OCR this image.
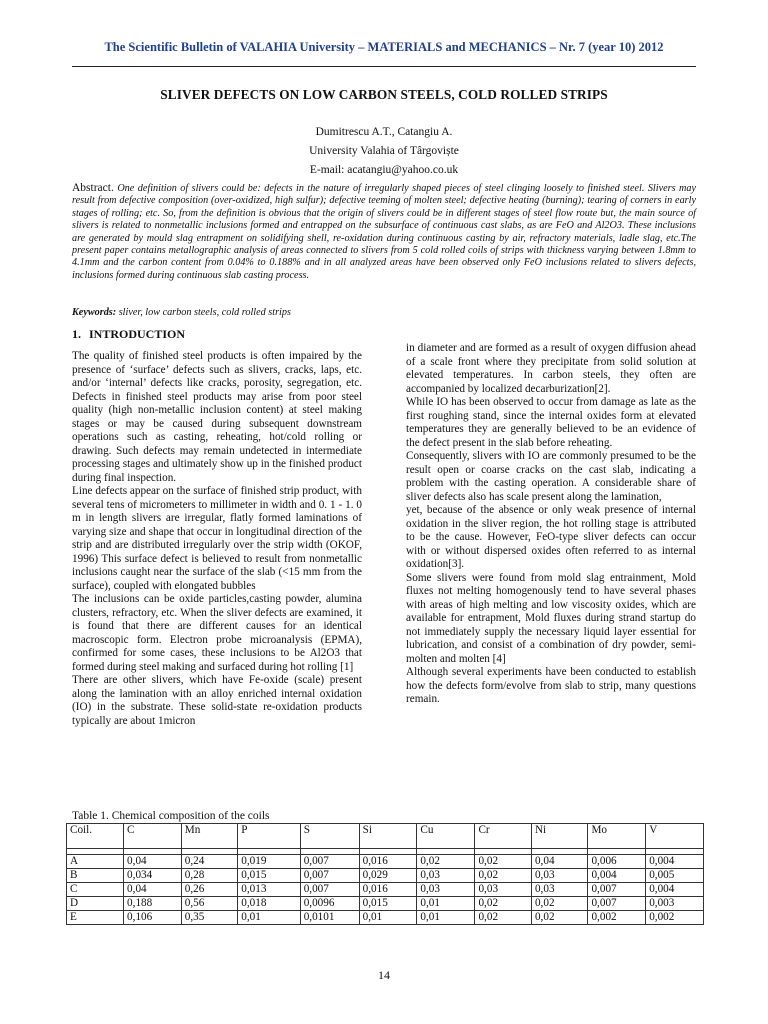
The Scientific Bulletin of VALAHIA University – MATERIALS and MECHANICS – Nr. 7 (year 10) 2012
SLIVER DEFECTS ON LOW CARBON STEELS, COLD ROLLED STRIPS
Dumitrescu A.T., Catangiu A.
University Valahia of Târgoviște
E-mail: acatangiu@yahoo.co.uk
Abstract. One definition of slivers could be: defects in the nature of irregularly shaped pieces of steel clinging loosely to finished steel. Slivers may result from defective composition (over-oxidized, high sulfur); defective teeming of molten steel; defective heating (burning); tearing of corners in early stages of rolling; etc. So, from the definition is obvious that the origin of slivers could be in different stages of steel flow route but, the main source of slivers is related to nonmetallic inclusions formed and entrapped on the subsurface of continuous cast slabs, as are FeO and Al2O3. These inclusions are generated by mould slag entrapment on solidifying shell, re-oxidation during continuous casting by air, refractory materials, ladle slag, etc.The present paper contains metallographic analysis of areas connected to slivers from 5 cold rolled coils of strips with thickness varying between 1.8mm to 4.1mm and the carbon content from 0.04% to 0.188% and in all analyzed areas have been observed only FeO inclusions related to slivers defects, inclusions formed during continuous slab casting process.
Keywords: sliver, low carbon steels, cold rolled strips
1. INTRODUCTION

The quality of finished steel products is often impaired by the presence of ‘surface’ defects such as slivers, cracks, laps, etc. and/or ‘internal’ defects like cracks, porosity, segregation, etc. Defects in finished steel products may arise from poor steel quality (high non-metallic inclusion content) at steel making stages or may be caused during subsequent downstream operations such as casting, reheating, hot/cold rolling or drawing. Such defects may remain undetected in intermediate processing stages and ultimately show up in the finished product during final inspection.

Line defects appear on the surface of finished strip product, with several tens of micrometers to millimeter in width and 0. 1 - 1. 0 m in length slivers are irregular, flatly formed laminations of varying size and shape that occur in longitudinal direction of the strip and are distributed irregularly over the strip width (OKOF, 1996) This surface defect is believed to result from nonmetallic inclusions caught near the surface of the slab (<15 mm from the surface), coupled with elongated bubbles

The inclusions can be oxide particles,casting powder, alumina clusters, refractory, etc. When the sliver defects are examined, it is found that there are different causes for an identical macroscopic form. Electron probe microanalysis (EPMA), confirmed for some cases, these inclusions to be Al2O3 that formed during steel making and surfaced during hot rolling [1]

There are other slivers, which have Fe-oxide (scale) present along the lamination with an alloy enriched internal oxidation (IO) in the substrate. These solid-state re-oxidation products typically are about 1micron

in diameter and are formed as a result of oxygen diffusion ahead of a scale front where they precipitate from solid solution at elevated temperatures. In carbon steels, they often are accompanied by localized decarburization[2].

While IO has been observed to occur from damage as late as the first roughing stand, since the internal oxides form at elevated temperatures they are generally believed to be an evidence of the defect present in the slab before reheating.

Consequently, slivers with IO are commonly presumed to be the result open or coarse cracks on the cast slab, indicating a problem with the casting operation. A considerable share of sliver defects also has scale present along the lamination,

yet, because of the absence or only weak presence of internal oxidation in the sliver region, the hot rolling stage is attributed to be the cause. However, FeO-type sliver defects can occur with or without dispersed oxides often referred to as internal oxidation[3].

Some slivers were found from mold slag entrainment, Mold fluxes not melting homogenously tend to have several phases with areas of high melting and low viscosity oxides, which are available for entrapment, Mold fluxes during strand startup do not immediately supply the necessary liquid layer essential for lubrication, and consist of a combination of dry powder, semi-molten and molten [4]

Although several experiments have been conducted to establish how the defects form/evolve from slab to strip, many questions remain.

Table 1. Chemical composition of the coils
Coil.	C	Mn	P	S	Si	Cu	Cr	Ni	Mo	V

A	0,04	0,24	0,019	0,007	0,016	0,02	0,02	0,04	0,006	0,004
B	0,034	0,28	0,015	0,007	0,029	0,03	0,02	0,03	0,004	0,005
C	0,04	0,26	0,013	0,007	0,016	0,03	0,03	0,03	0,007	0,004
D	0,188	0,56	0,018	0,0096	0,015	0,01	0,02	0,02	0,007	0,003
E	0,106	0,35	0,01	0,0101	0,01	0,01	0,02	0,02	0,002	0,002
14
